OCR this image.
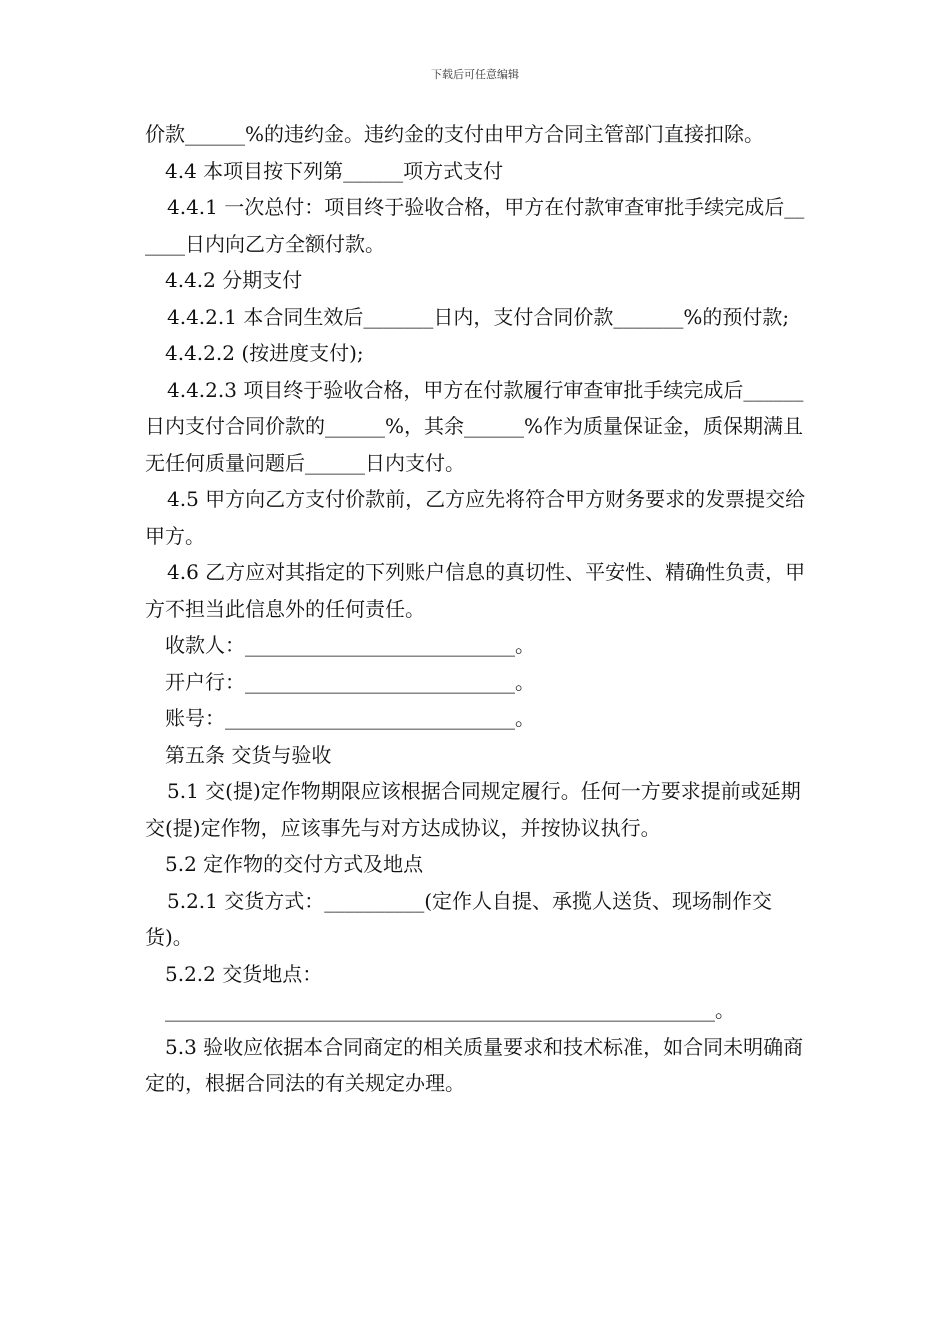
下载后可任意编辑

价款______%的违约金。违约金的支付由甲方合同主管部门直接扣除。

4.4 本项目按下列第______项方式支付

4.4.1 一次总付：项目终于验收合格，甲方在付款审查审批手续完成后______日内向乙方全额付款。

4.4.2 分期支付

4.4.2.1 本合同生效后_______日内，支付合同价款_______%的预付款;

4.4.2.2 (按进度支付);

4.4.2.3 项目终于验收合格，甲方在付款履行审查审批手续完成后______日内支付合同价款的______%，其余______%作为质量保证金，质保期满且无任何质量问题后______日内支付。

4.5 甲方向乙方支付价款前，乙方应先将符合甲方财务要求的发票提交给甲方。

4.6 乙方应对其指定的下列账户信息的真切性、平安性、精确性负责，甲方不担当此信息外的任何责任。

收款人：___________________________。

开户行：___________________________。

账号：_____________________________。

第五条 交货与验收

5.1 交(提)定作物期限应该根据合同规定履行。任何一方要求提前或延期交(提)定作物，应该事先与对方达成协议，并按协议执行。

5.2 定作物的交付方式及地点

5.2.1 交货方式：__________(定作人自提、承揽人送货、现场制作交货)。

5.2.2 交货地点：

_______________________________________________________。

5.3 验收应依据本合同商定的相关质量要求和技术标准，如合同未明确商定的，根据合同法的有关规定办理。
